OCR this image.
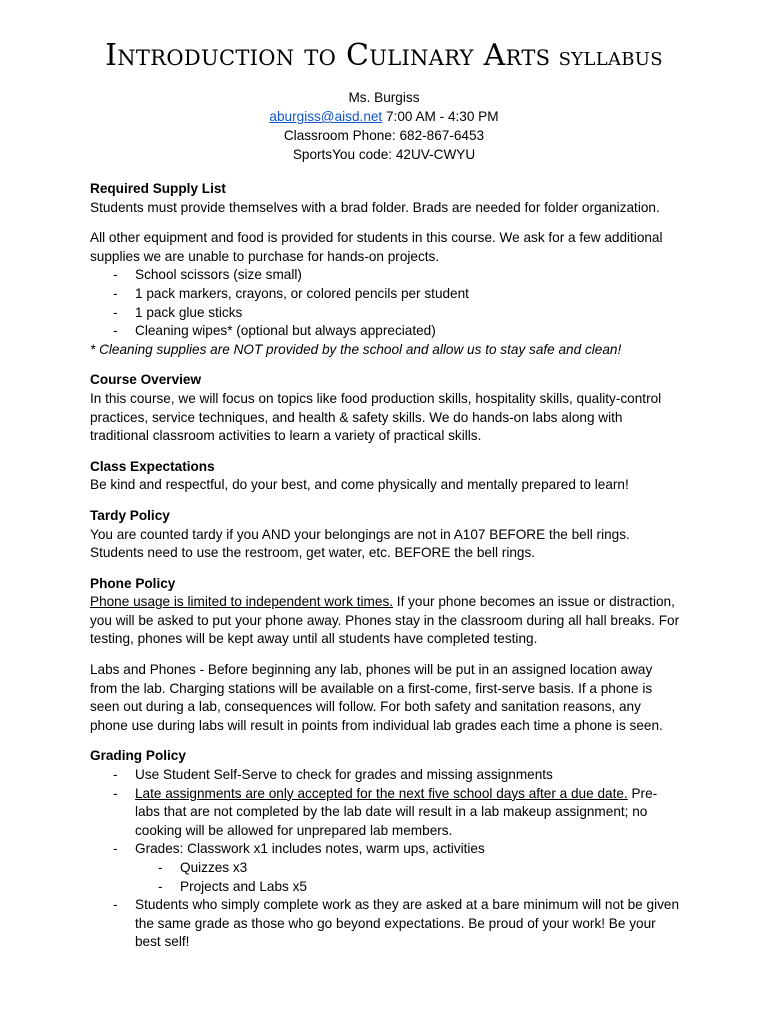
Introduction to Culinary Arts syllabus
Ms. Burgiss
aburgiss@aisd.net 7:00 AM - 4:30 PM
Classroom Phone: 682-867-6453
SportsYou code: 42UV-CWYU

Required Supply List

Students must provide themselves with a brad folder. Brads are needed for folder organization.

All other equipment and food is provided for students in this course. We ask for a few additional supplies we are unable to purchase for hands-on projects.

- School scissors (size small)
- 1 pack markers, crayons, or colored pencils per student
- 1 pack glue sticks
- Cleaning wipes* (optional but always appreciated)

* Cleaning supplies are NOT provided by the school and allow us to stay safe and clean!

Course Overview

In this course, we will focus on topics like food production skills, hospitality skills, quality-control practices, service techniques, and health & safety skills. We do hands-on labs along with traditional classroom activities to learn a variety of practical skills.

Class Expectations

Be kind and respectful, do your best, and come physically and mentally prepared to learn!

Tardy Policy

You are counted tardy if you AND your belongings are not in A107 BEFORE the bell rings. Students need to use the restroom, get water, etc. BEFORE the bell rings.

Phone Policy

Phone usage is limited to independent work times. If your phone becomes an issue or distraction, you will be asked to put your phone away. Phones stay in the classroom during all hall breaks. For testing, phones will be kept away until all students have completed testing.

Labs and Phones - Before beginning any lab, phones will be put in an assigned location away from the lab. Charging stations will be available on a first-come, first-serve basis. If a phone is seen out during a lab, consequences will follow. For both safety and sanitation reasons, any phone use during labs will result in points from individual lab grades each time a phone is seen.

Grading Policy

- Use Student Self-Serve to check for grades and missing assignments
- Late assignments are only accepted for the next five school days after a due date. Pre-labs that are not completed by the lab date will result in a lab makeup assignment; no cooking will be allowed for unprepared lab members.
- Grades: Classwork x1 includes notes, warm ups, activities
- Quizzes x3
- Projects and Labs x5
- Students who simply complete work as they are asked at a bare minimum will not be given the same grade as those who go beyond expectations. Be proud of your work! Be your best self!
